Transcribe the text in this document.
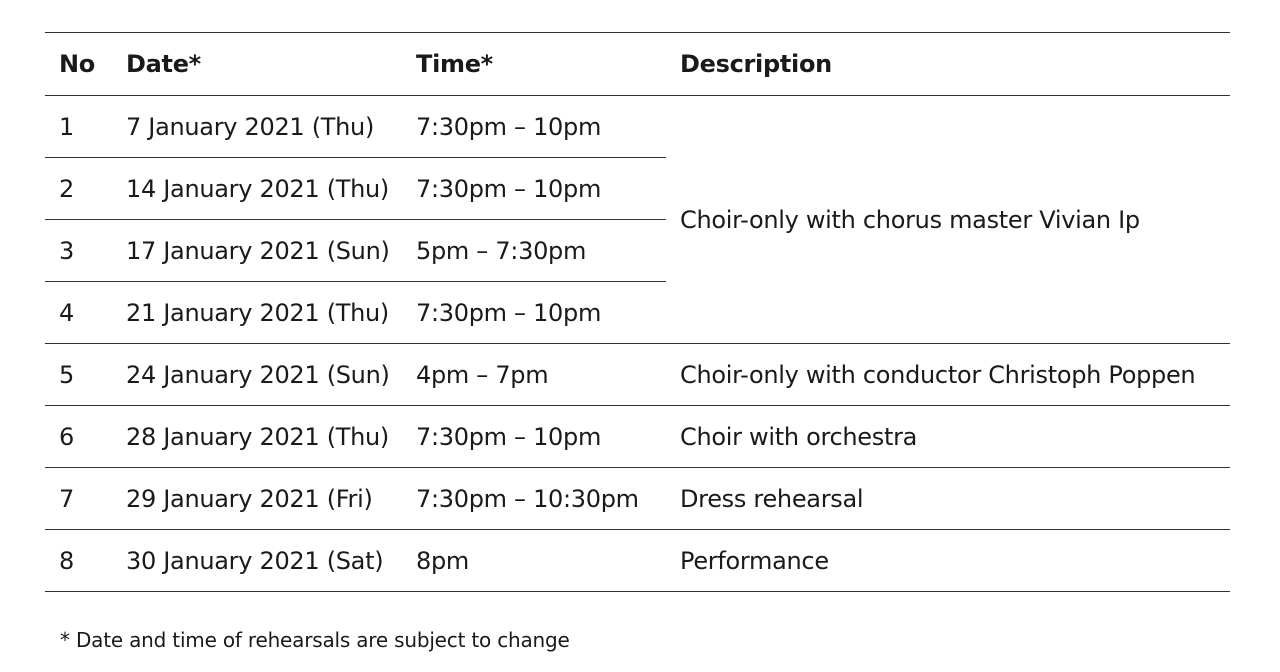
No	Date*	Time*	Description
1	7 January 2021 (Thu)	7:30pm – 10pm	Choir-only with chorus master Vivian Ip
2	14 January 2021 (Thu)	7:30pm – 10pm	
3	17 January 2021 (Sun)	5pm – 7:30pm	
4	21 January 2021 (Thu)	7:30pm – 10pm	
5	24 January 2021 (Sun)	4pm – 7pm	Choir-only with conductor Christoph Poppen
6	28 January 2021 (Thu)	7:30pm – 10pm	Choir with orchestra
7	29 January 2021 (Fri)	7:30pm – 10:30pm	Dress rehearsal
8	30 January 2021 (Sat)	8pm	Performance
* Date and time of rehearsals are subject to change
